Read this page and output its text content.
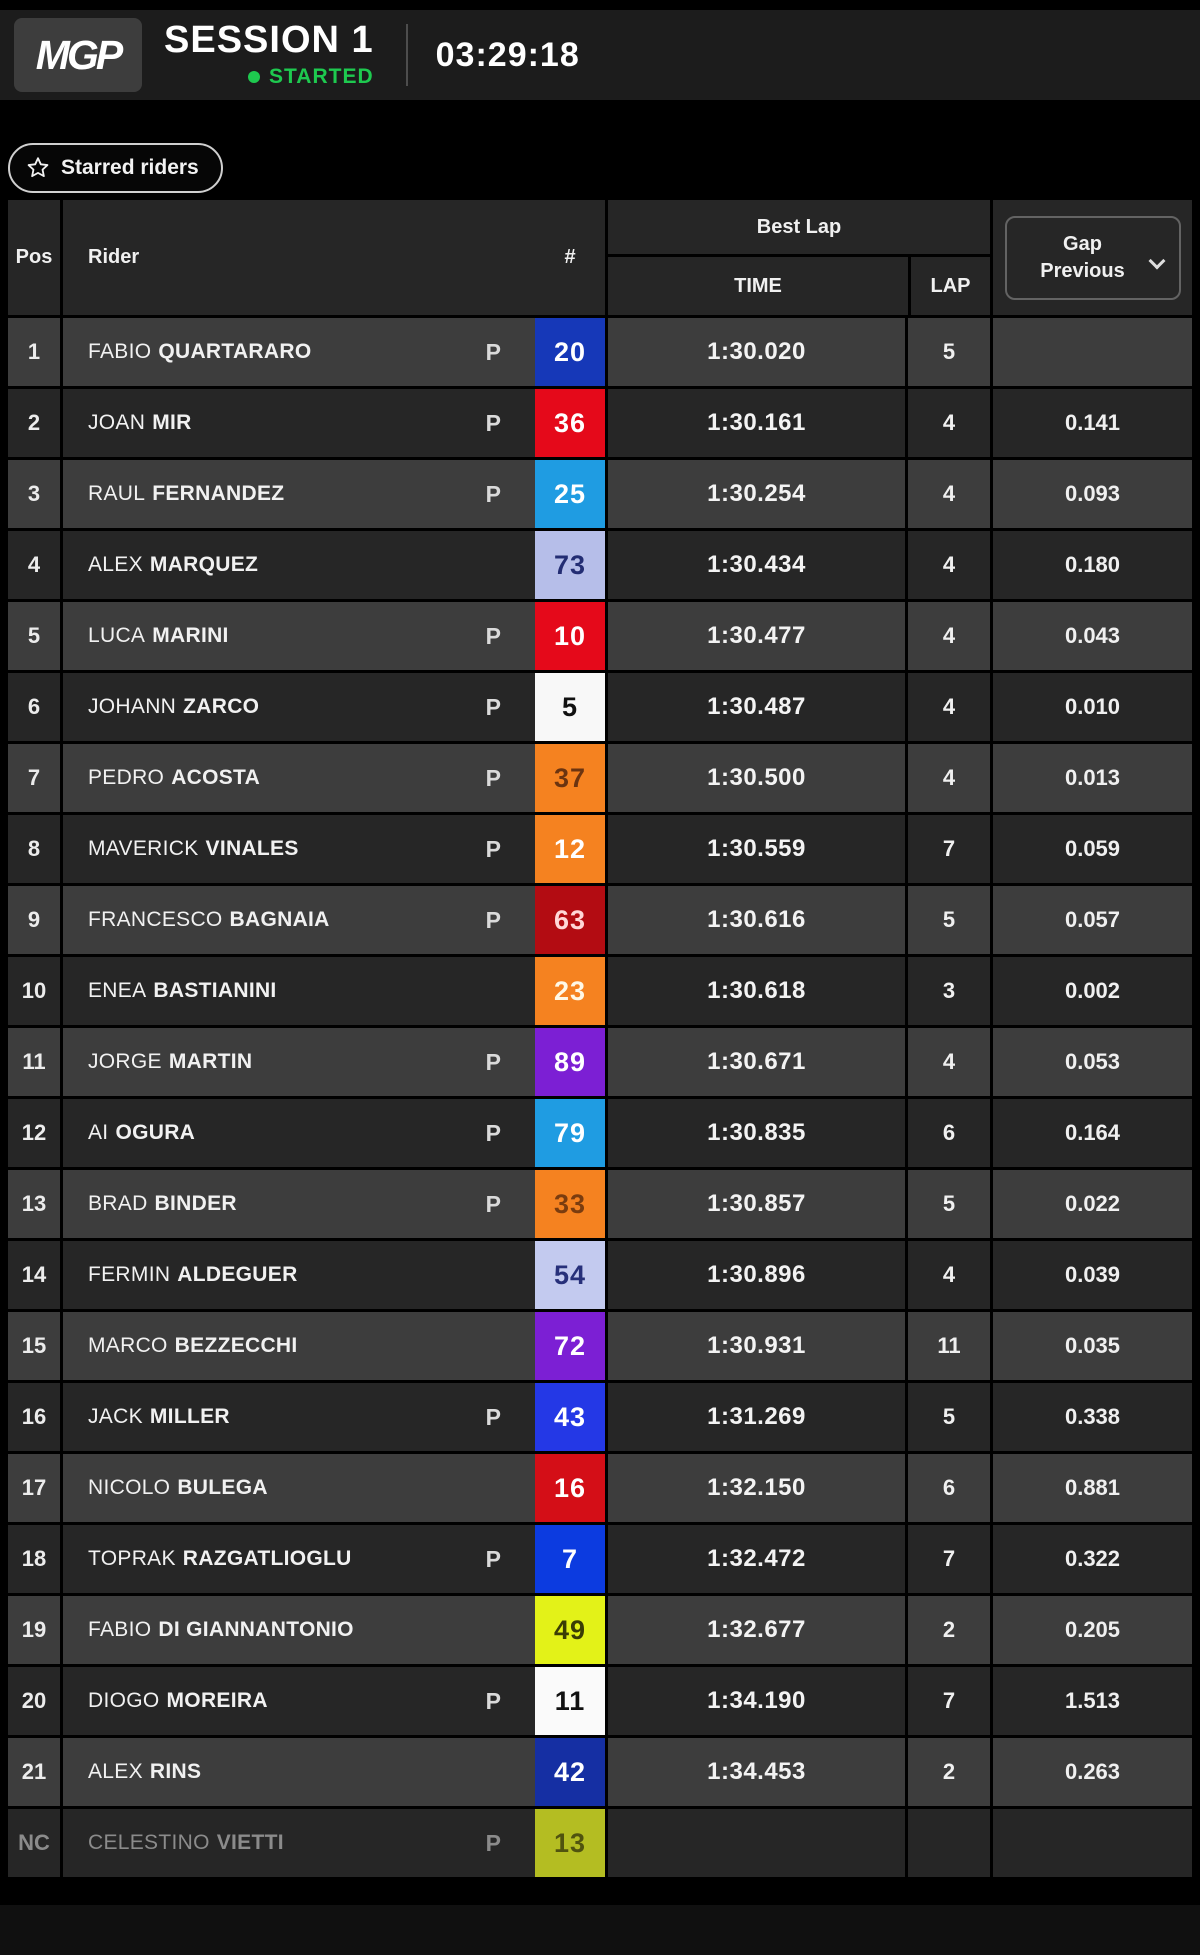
MGP SESSION 1
STARTED
03:29:18
Starred riders
Pos Rider	#
Best Lap
TIME	LAP
Gap
Previous
1	FABIO QUARTARARO	P	20	1:30.020	5
2	JOAN MIR	P	36	1:30.161	4	0.141
3	RAUL FERNANDEZ	P	25	1:30.254	4	0.093
4	ALEX MARQUEZ	73	1:30.434	4	0.180
5	LUCA MARINI	P	10	1:30.477	4	0.043
6	JOHANN ZARCO	P	5	1:30.487	4	0.010
7	PEDRO ACOSTA	P	37	1:30.500	4	0.013
8	MAVERICK VINALES	P	12	1:30.559	7	0.059
9	FRANCESCO BAGNAIA	P	63	1:30.616	5	0.057
10	ENEA BASTIANINI	23	1:30.618	3	0.002
11	JORGE MARTIN	P	89	1:30.671	4	0.053
12	AI OGURA	P	79	1:30.835	6	0.164
13	BRAD BINDER	P	33	1:30.857	5	0.022
14	FERMIN ALDEGUER	54	1:30.896	4	0.039
15	MARCO BEZZECCHI	72	1:30.931	11	0.035
16	JACK MILLER	P	43	1:31.269	5	0.338
17	NICOLO BULEGA	16	1:32.150	6	0.881
18	TOPRAK RAZGATLIOGLU	P	7	1:32.472	7	0.322
19	FABIO DI GIANNANTONIO	49	1:32.677	2	0.205
20	DIOGO MOREIRA	P	11	1:34.190	7	1.513
21	ALEX RINS	42	1:34.453	2	0.263
NC	CELESTINO VIETTI	P	13
